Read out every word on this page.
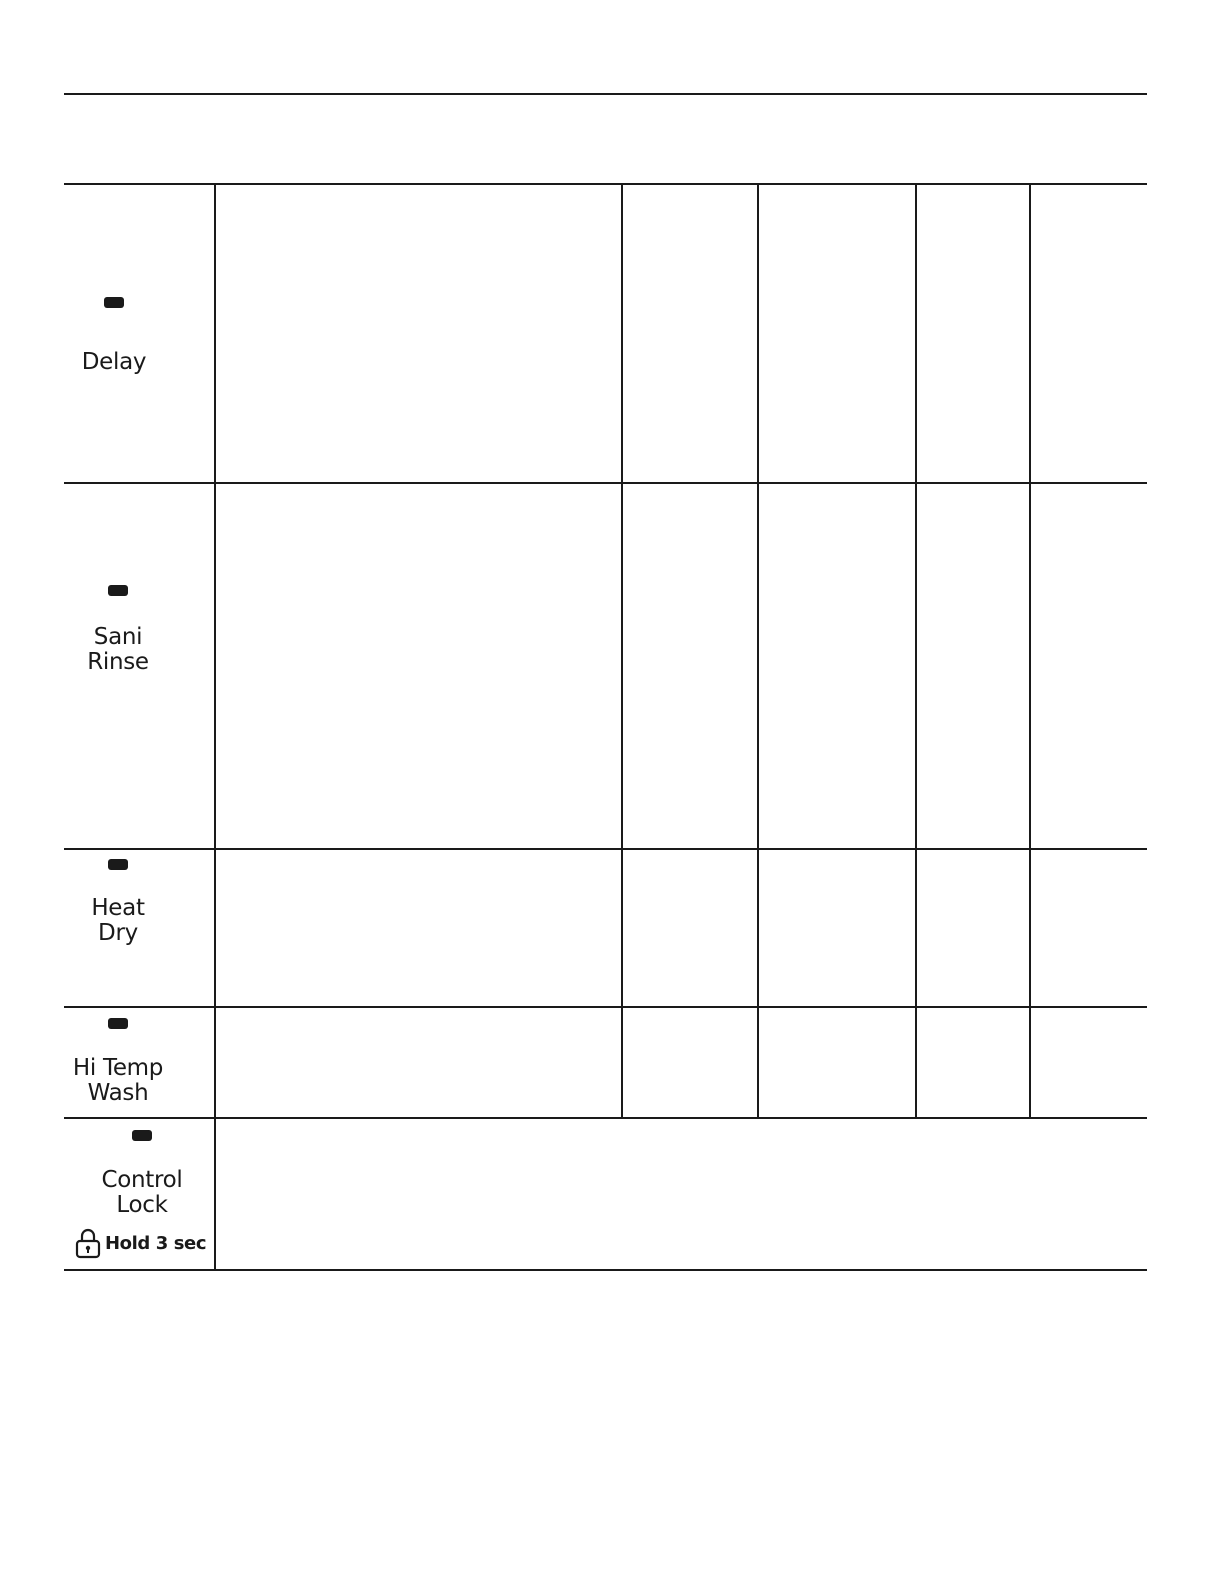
Delay					

Sani
Rinse					

Heat
Dry					

Hi Temp
Wash					

Control
Lock
Hold 3 sec					
